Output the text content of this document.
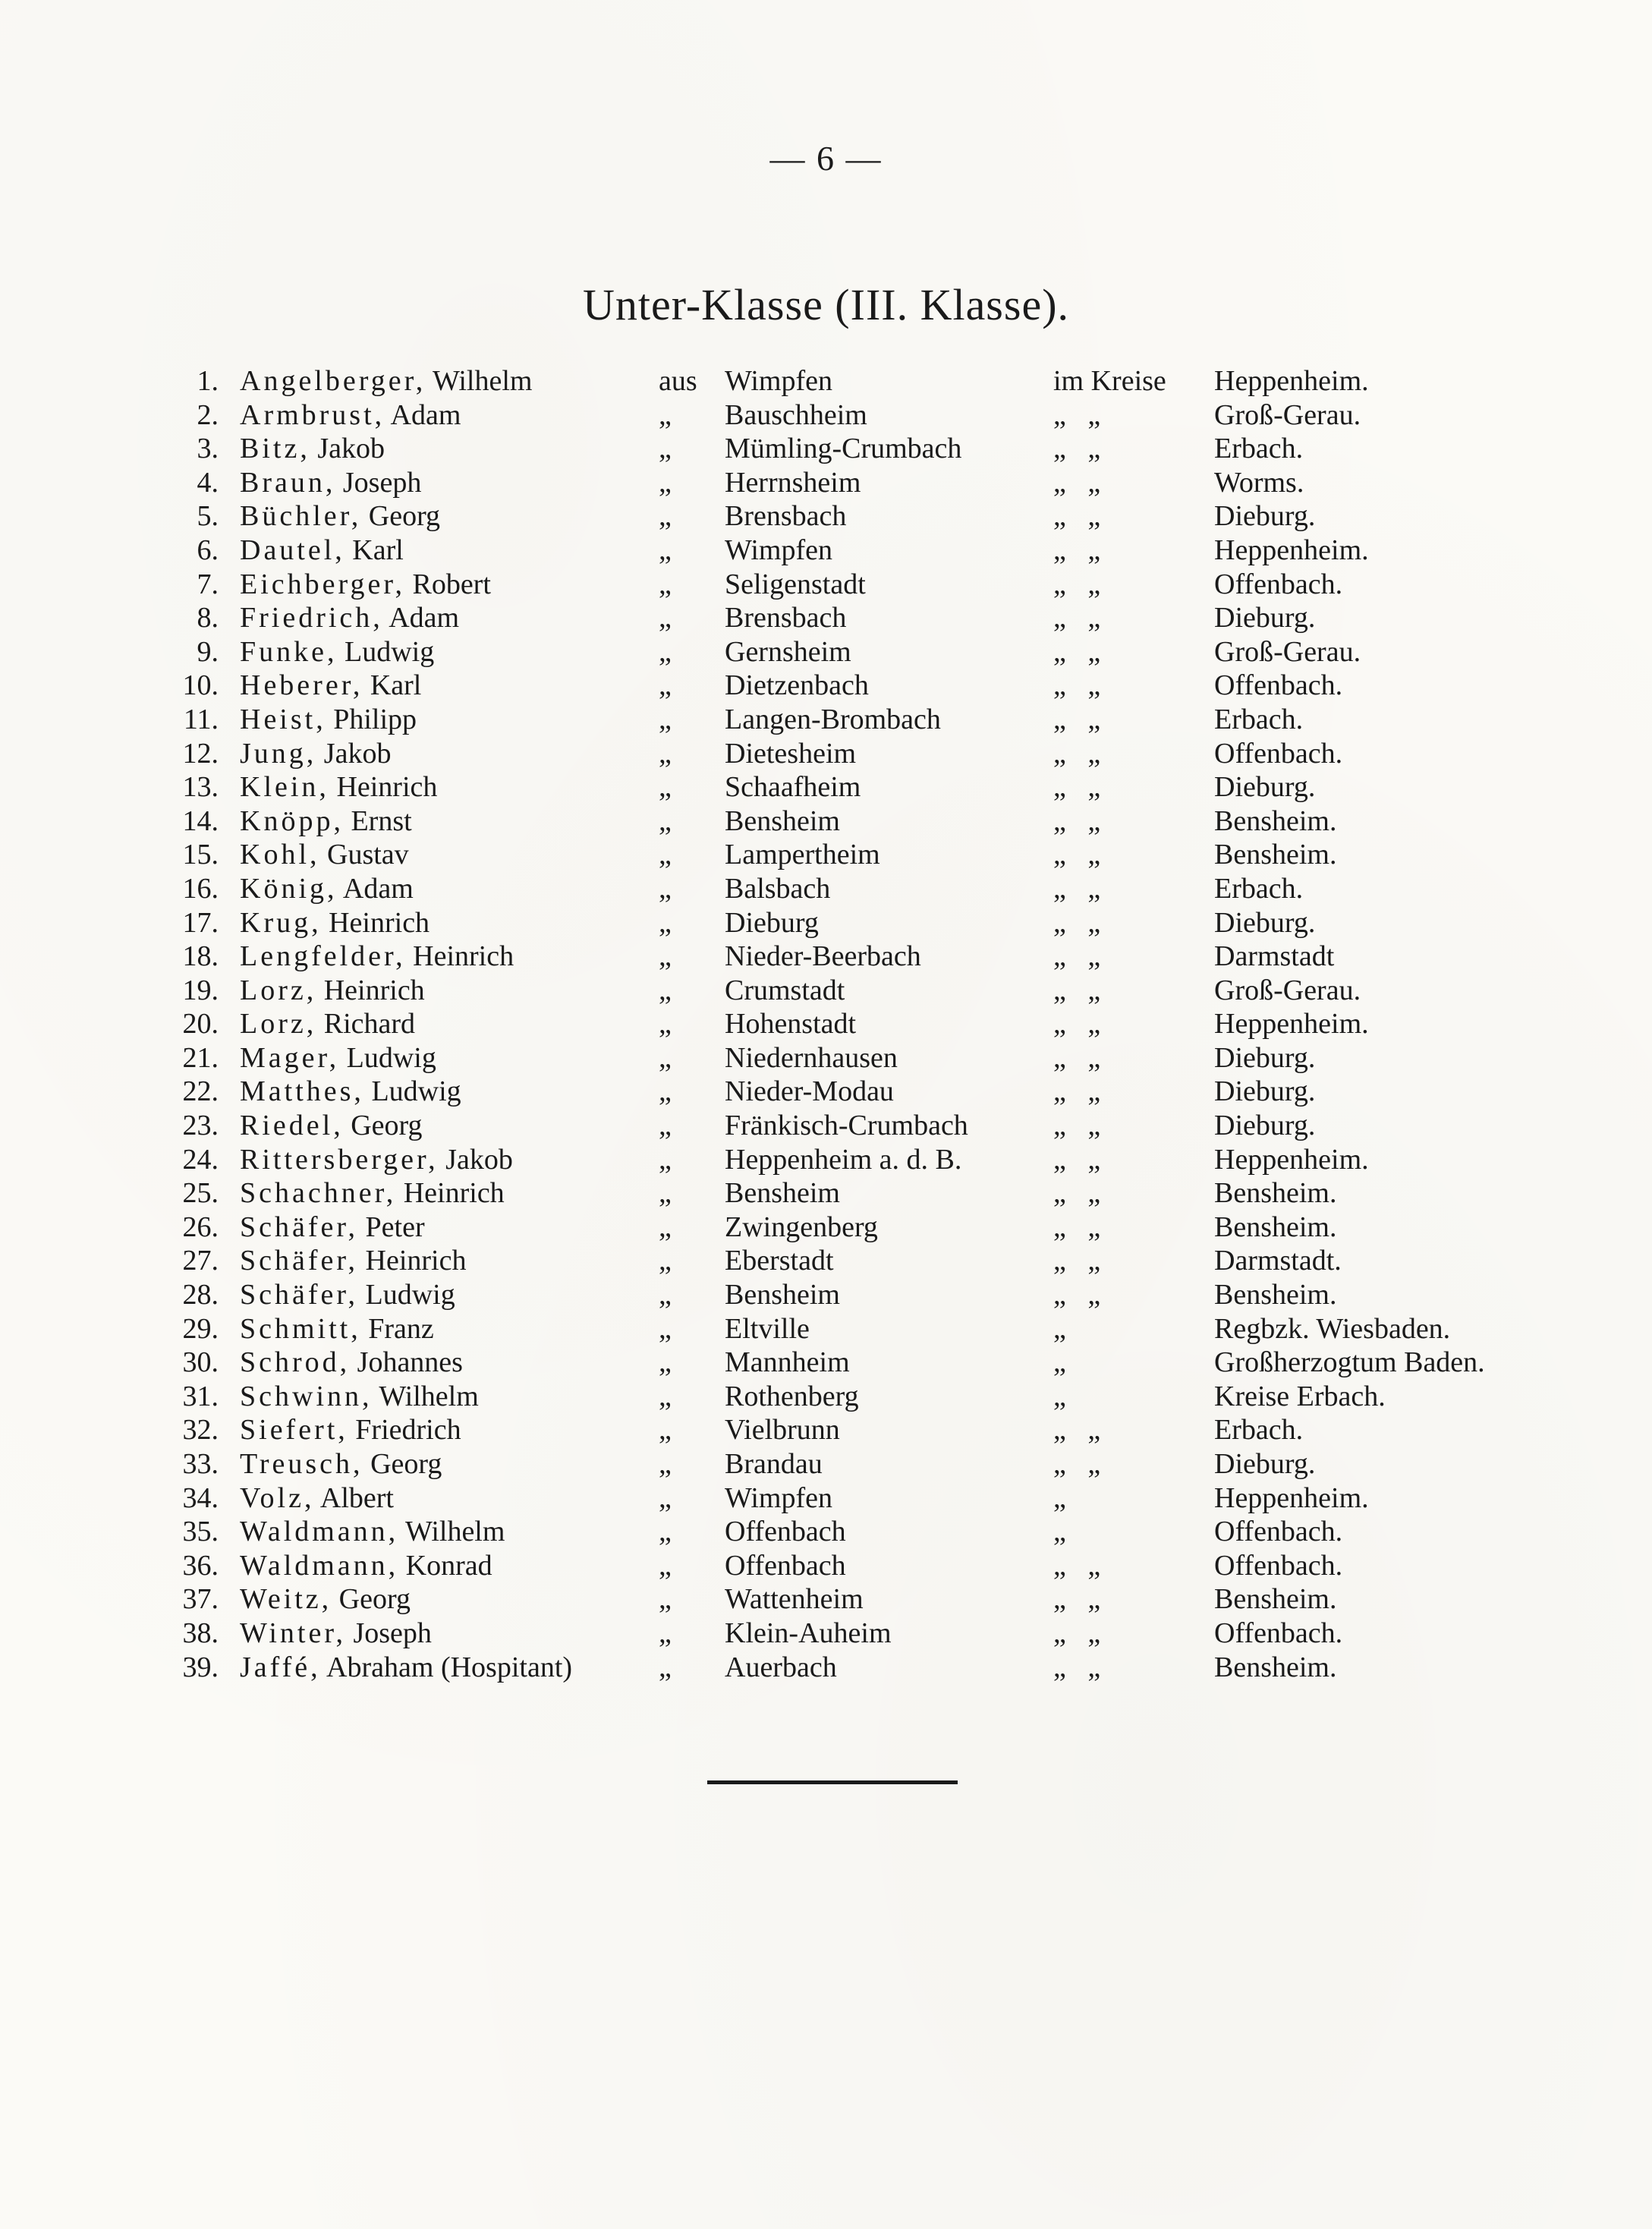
— 6 —
Unter-Klasse (III. Klasse).
1. Angelberger, Wilhelm	aus Wimpfen	im Kreise Heppenheim.
2. Armbrust, Adam	„ Bauschheim	„   „	Groß-Gerau.
3. Bitz, Jakob	„ Mümling-Crumbach	„   „	Erbach.
4. Braun, Joseph	„ Herrnsheim	„   „	Worms.
5. Büchler, Georg	„ Brensbach	„   „	Dieburg.
6. Dautel, Karl	„ Wimpfen	„   „	Heppenheim.
7. Eichberger, Robert	„ Seligenstadt	„   „	Offenbach.
8. Friedrich, Adam	„ Brensbach	„   „	Dieburg.
9. Funke, Ludwig	„ Gernsheim	„   „	Groß-Gerau.
10. Heberer, Karl	„ Dietzenbach	„   „	Offenbach.
11. Heist, Philipp	„ Langen-Brombach	„   „	Erbach.
12. Jung, Jakob	„ Dietesheim	„   „	Offenbach.
13. Klein, Heinrich	„ Schaafheim	„   „	Dieburg.
14. Knöpp, Ernst	„ Bensheim	„   „	Bensheim.
15. Kohl, Gustav	„ Lampertheim	„   „	Bensheim.
16. König, Adam	„ Balsbach	„   „	Erbach.
17. Krug, Heinrich	„ Dieburg	„   „	Dieburg.
18. Lengfelder, Heinrich	„ Nieder-Beerbach	„   „	Darmstadt
19. Lorz, Heinrich	„ Crumstadt	„   „	Groß-Gerau.
20. Lorz, Richard	„ Hohenstadt	„   „	Heppenheim.
21. Mager, Ludwig	„ Niedernhausen	„   „	Dieburg.
22. Matthes, Ludwig	„ Nieder-Modau	„   „	Dieburg.
23. Riedel, Georg	„ Fränkisch-Crumbach	„   „	Dieburg.
24. Rittersberger, Jakob	„ Heppenheim a. d. B.	„   „	Heppenheim.
25. Schachner, Heinrich	„ Bensheim	„   „	Bensheim.
26. Schäfer, Peter	„ Zwingenberg	„   „	Bensheim.
27. Schäfer, Heinrich	„ Eberstadt	„   „	Darmstadt.
28. Schäfer, Ludwig	„ Bensheim	„   „	Bensheim.
29. Schmitt, Franz	„ Eltville	„	Regbzk. Wiesbaden.
30. Schrod, Johannes	„ Mannheim	„	Großherzogtum Baden.
31. Schwinn, Wilhelm	„ Rothenberg	„	Kreise Erbach.
32. Siefert, Friedrich	„ Vielbrunn	„   „	Erbach.
33. Treusch, Georg	„ Brandau	„   „	Dieburg.
34. Volz, Albert	„ Wimpfen	„	Heppenheim.
35. Waldmann, Wilhelm	„ Offenbach	„	Offenbach.
36. Waldmann, Konrad	„ Offenbach	„   „	Offenbach.
37. Weitz, Georg	„ Wattenheim	„   „	Bensheim.
38. Winter, Joseph	„ Klein-Auheim	„   „	Offenbach.
39. Jaffé, Abraham (Hospitant)	„ Auerbach	„   „	Bensheim.
